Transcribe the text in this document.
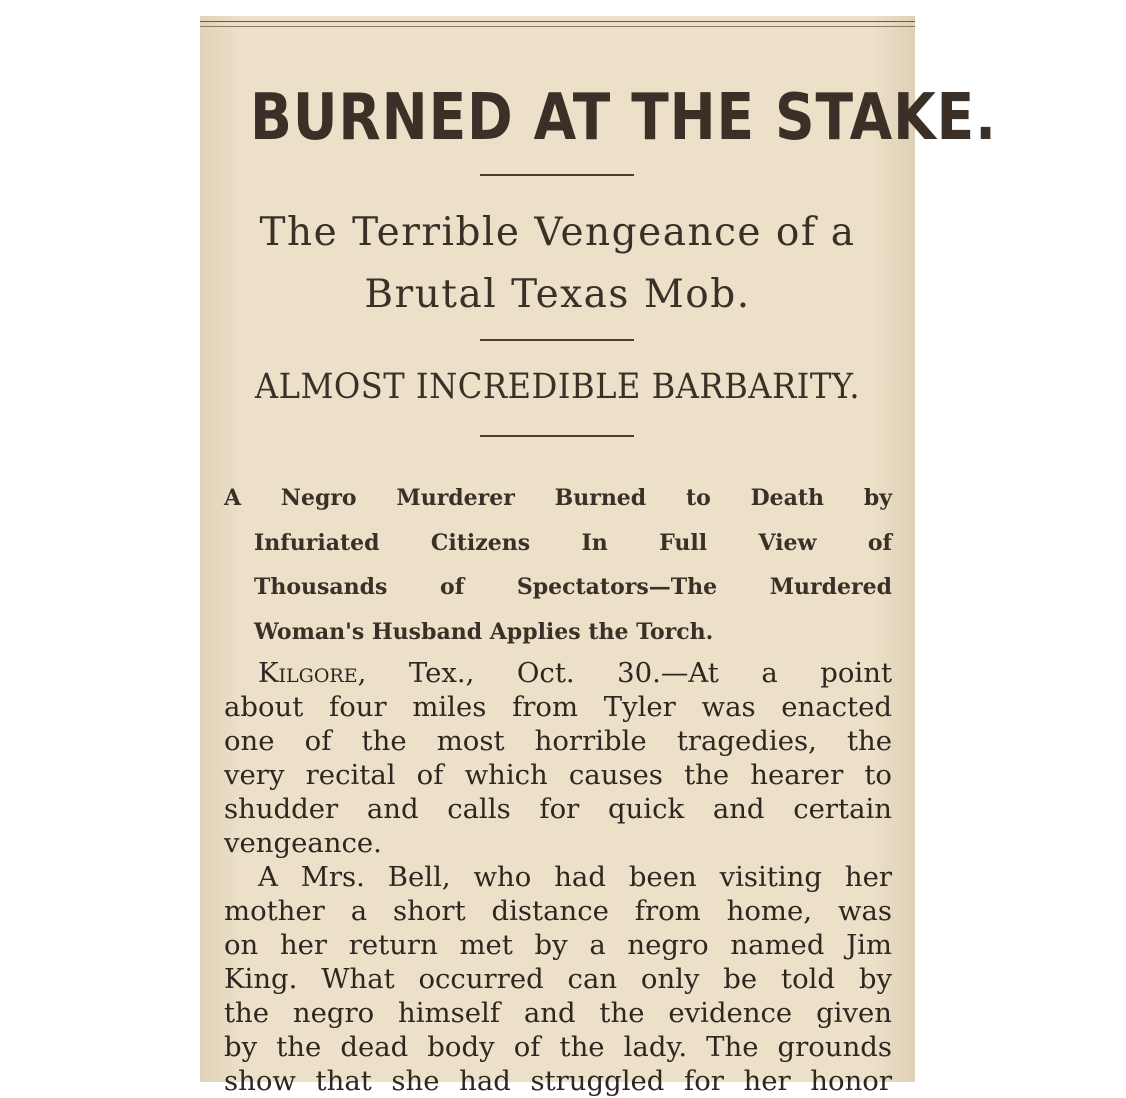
BURNED AT THE STAKE.
The Terrible Vengeance of a
Brutal Texas Mob.
ALMOST INCREDIBLE BARBARITY.
A Negro Murderer Burned to Death by
Infuriated Citizens In Full View of
Thousands of Spectators—The Murdered
Woman's Husband Applies the Torch.
Kilgore, Tex., Oct. 30.—At a point
about four miles from Tyler was enacted
one of the most horrible tragedies, the
very recital of which causes the hearer to
shudder and calls for quick and certain
vengeance.
A Mrs. Bell, who had been visiting her
mother a short distance from home, was
on her return met by a negro named Jim
King. What occurred can only be told by
the negro himself and the evidence given
by the dead body of the lady. The grounds
show that she had struggled for her honor
